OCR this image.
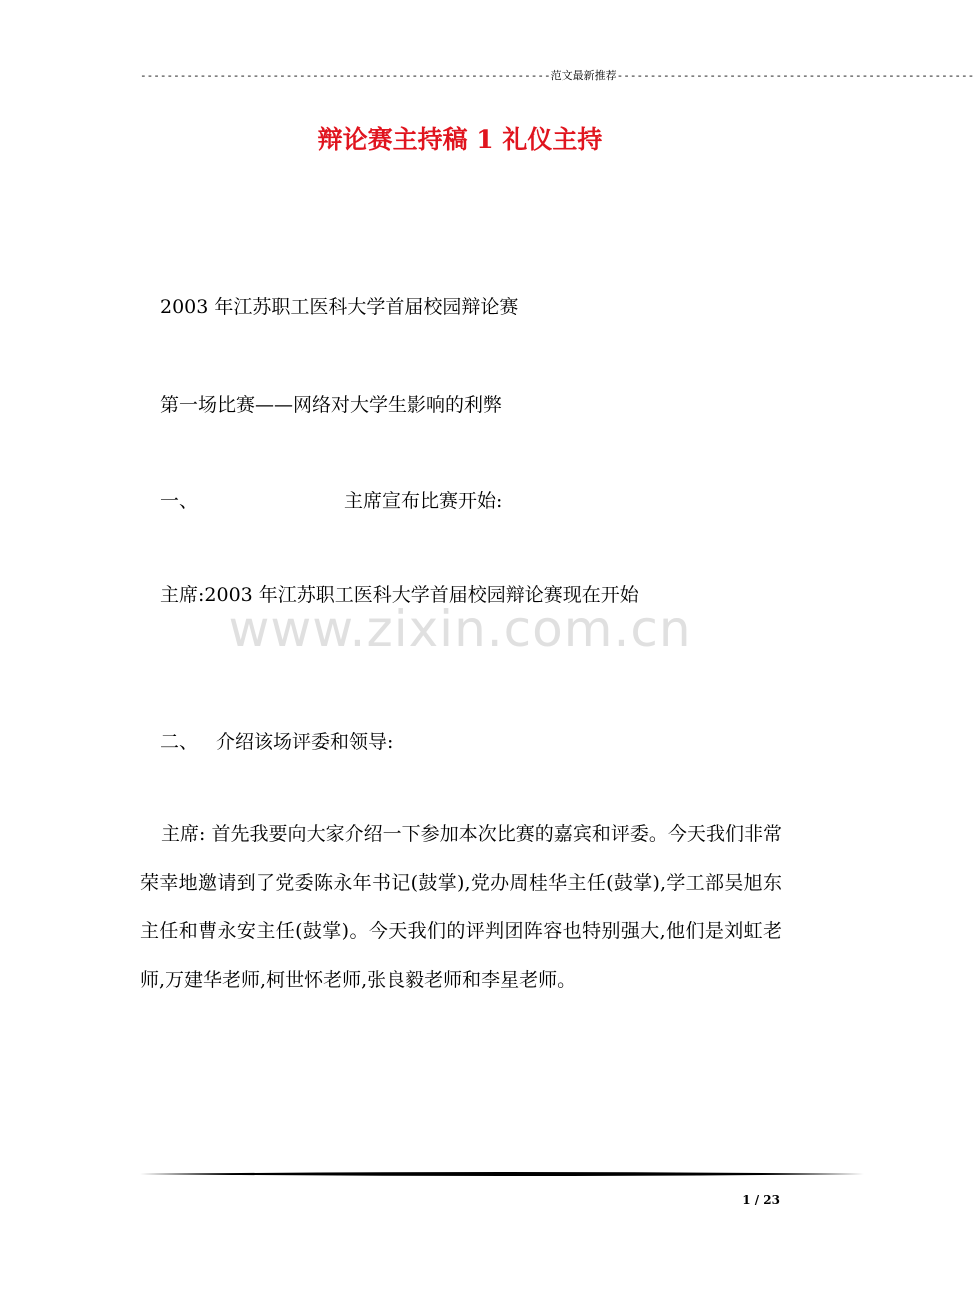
--------------------------------------------------------------范文最新推荐------------------------------------------------------
辩论赛主持稿 1 礼仪主持

2003 年江苏职工医科大学首届校园辩论赛

第一场比赛——网络对大学生影响的利弊

一、	主席宣布比赛开始:

主席:2003 年江苏职工医科大学首届校园辩论赛现在开始

www.zixin.com.cn

二、 介绍该场评委和领导:

主席: 首先我要向大家介绍一下参加本次比赛的嘉宾和评委。今天我们非常荣幸地邀请到了党委陈永年书记(鼓掌),党办周桂华主任(鼓掌),学工部吴旭东主任和曹永安主任(鼓掌)。今天我们的评判团阵容也特别强大,他们是刘虹老师,万建华老师,柯世怀老师,张良毅老师和李星老师。

1 / 23
